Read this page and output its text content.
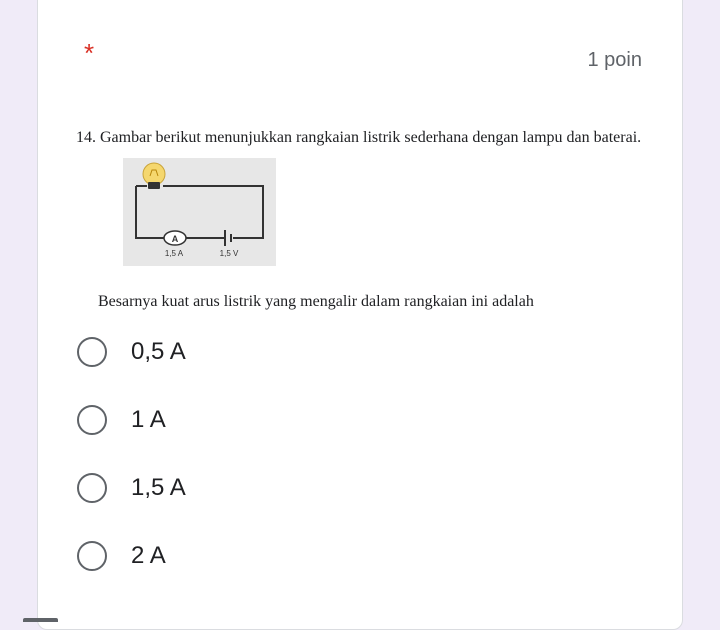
*	1 poin
14. Gambar berikut menunjukkan rangkaian listrik sederhana dengan lampu dan baterai.
A
1,5 A	1,5 V
Besarnya kuat arus listrik yang mengalir dalam rangkaian ini adalah
0,5 A
1 A
1,5 A
2 A
